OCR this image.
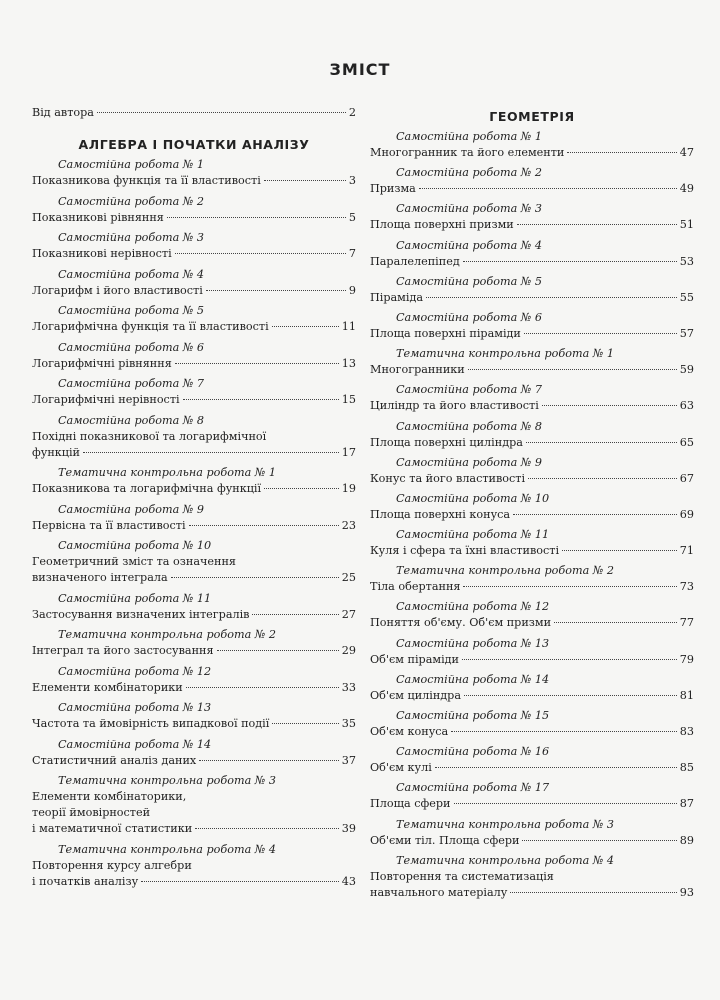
ЗМІСТ
Від автора	2
АЛГЕБРА І ПОЧАТКИ АНАЛІЗУ
Самостійна робота № 1
Показникова функція та її властивості	3
Самостійна робота № 2
Показникові рівняння	5
Самостійна робота № 3
Показникові нерівності	7
Самостійна робота № 4
Логарифм і його властивості	9
Самостійна робота № 5
Логарифмічна функція та її властивості	11
Самостійна робота № 6
Логарифмічні рівняння	13
Самостійна робота № 7
Логарифмічні нерівності	15
Самостійна робота № 8
Похідні показникової та логарифмічної
функцій	17
Тематична контрольна робота № 1
Показникова та логарифмічна функції	19
Самостійна робота № 9
Первісна та її властивості	23
Самостійна робота № 10
Геометричний зміст та означення
визначеного інтеграла	25
Самостійна робота № 11
Застосування визначених інтегралів	27
Тематична контрольна робота № 2
Інтеграл та його застосування	29
Самостійна робота № 12
Елементи комбінаторики	33
Самостійна робота № 13
Частота та ймовірність випадкової події	35
Самостійна робота № 14
Статистичний аналіз даних	37
Тематична контрольна робота № 3
Елементи комбінаторики,
теорії ймовірностей
і математичної статистики	39
Тематична контрольна робота № 4
Повторення курсу алгебри
і початків аналізу	43
ГЕОМЕТРІЯ
Самостійна робота № 1
Многогранник та його елементи	47
Самостійна робота № 2
Призма	49
Самостійна робота № 3
Площа поверхні призми	51
Самостійна робота № 4
Паралелепіпед	53
Самостійна робота № 5
Піраміда	55
Самостійна робота № 6
Площа поверхні піраміди	57
Тематична контрольна робота № 1
Многогранники	59
Самостійна робота № 7
Циліндр та його властивості	63
Самостійна робота № 8
Площа поверхні циліндра	65
Самостійна робота № 9
Конус та його властивості	67
Самостійна робота № 10
Площа поверхні конуса	69
Самостійна робота № 11
Куля і сфера та їхні властивості	71
Тематична контрольна робота № 2
Тіла обертання	73
Самостійна робота № 12
Поняття об'єму. Об'єм призми	77
Самостійна робота № 13
Об'єм піраміди	79
Самостійна робота № 14
Об'єм циліндра	81
Самостійна робота № 15
Об'єм конуса	83
Самостійна робота № 16
Об'єм кулі	85
Самостійна робота № 17
Площа сфери	87
Тематична контрольна робота № 3
Об'єми тіл. Площа сфери	89
Тематична контрольна робота № 4
Повторення та систематизація
навчального матеріалу	93
